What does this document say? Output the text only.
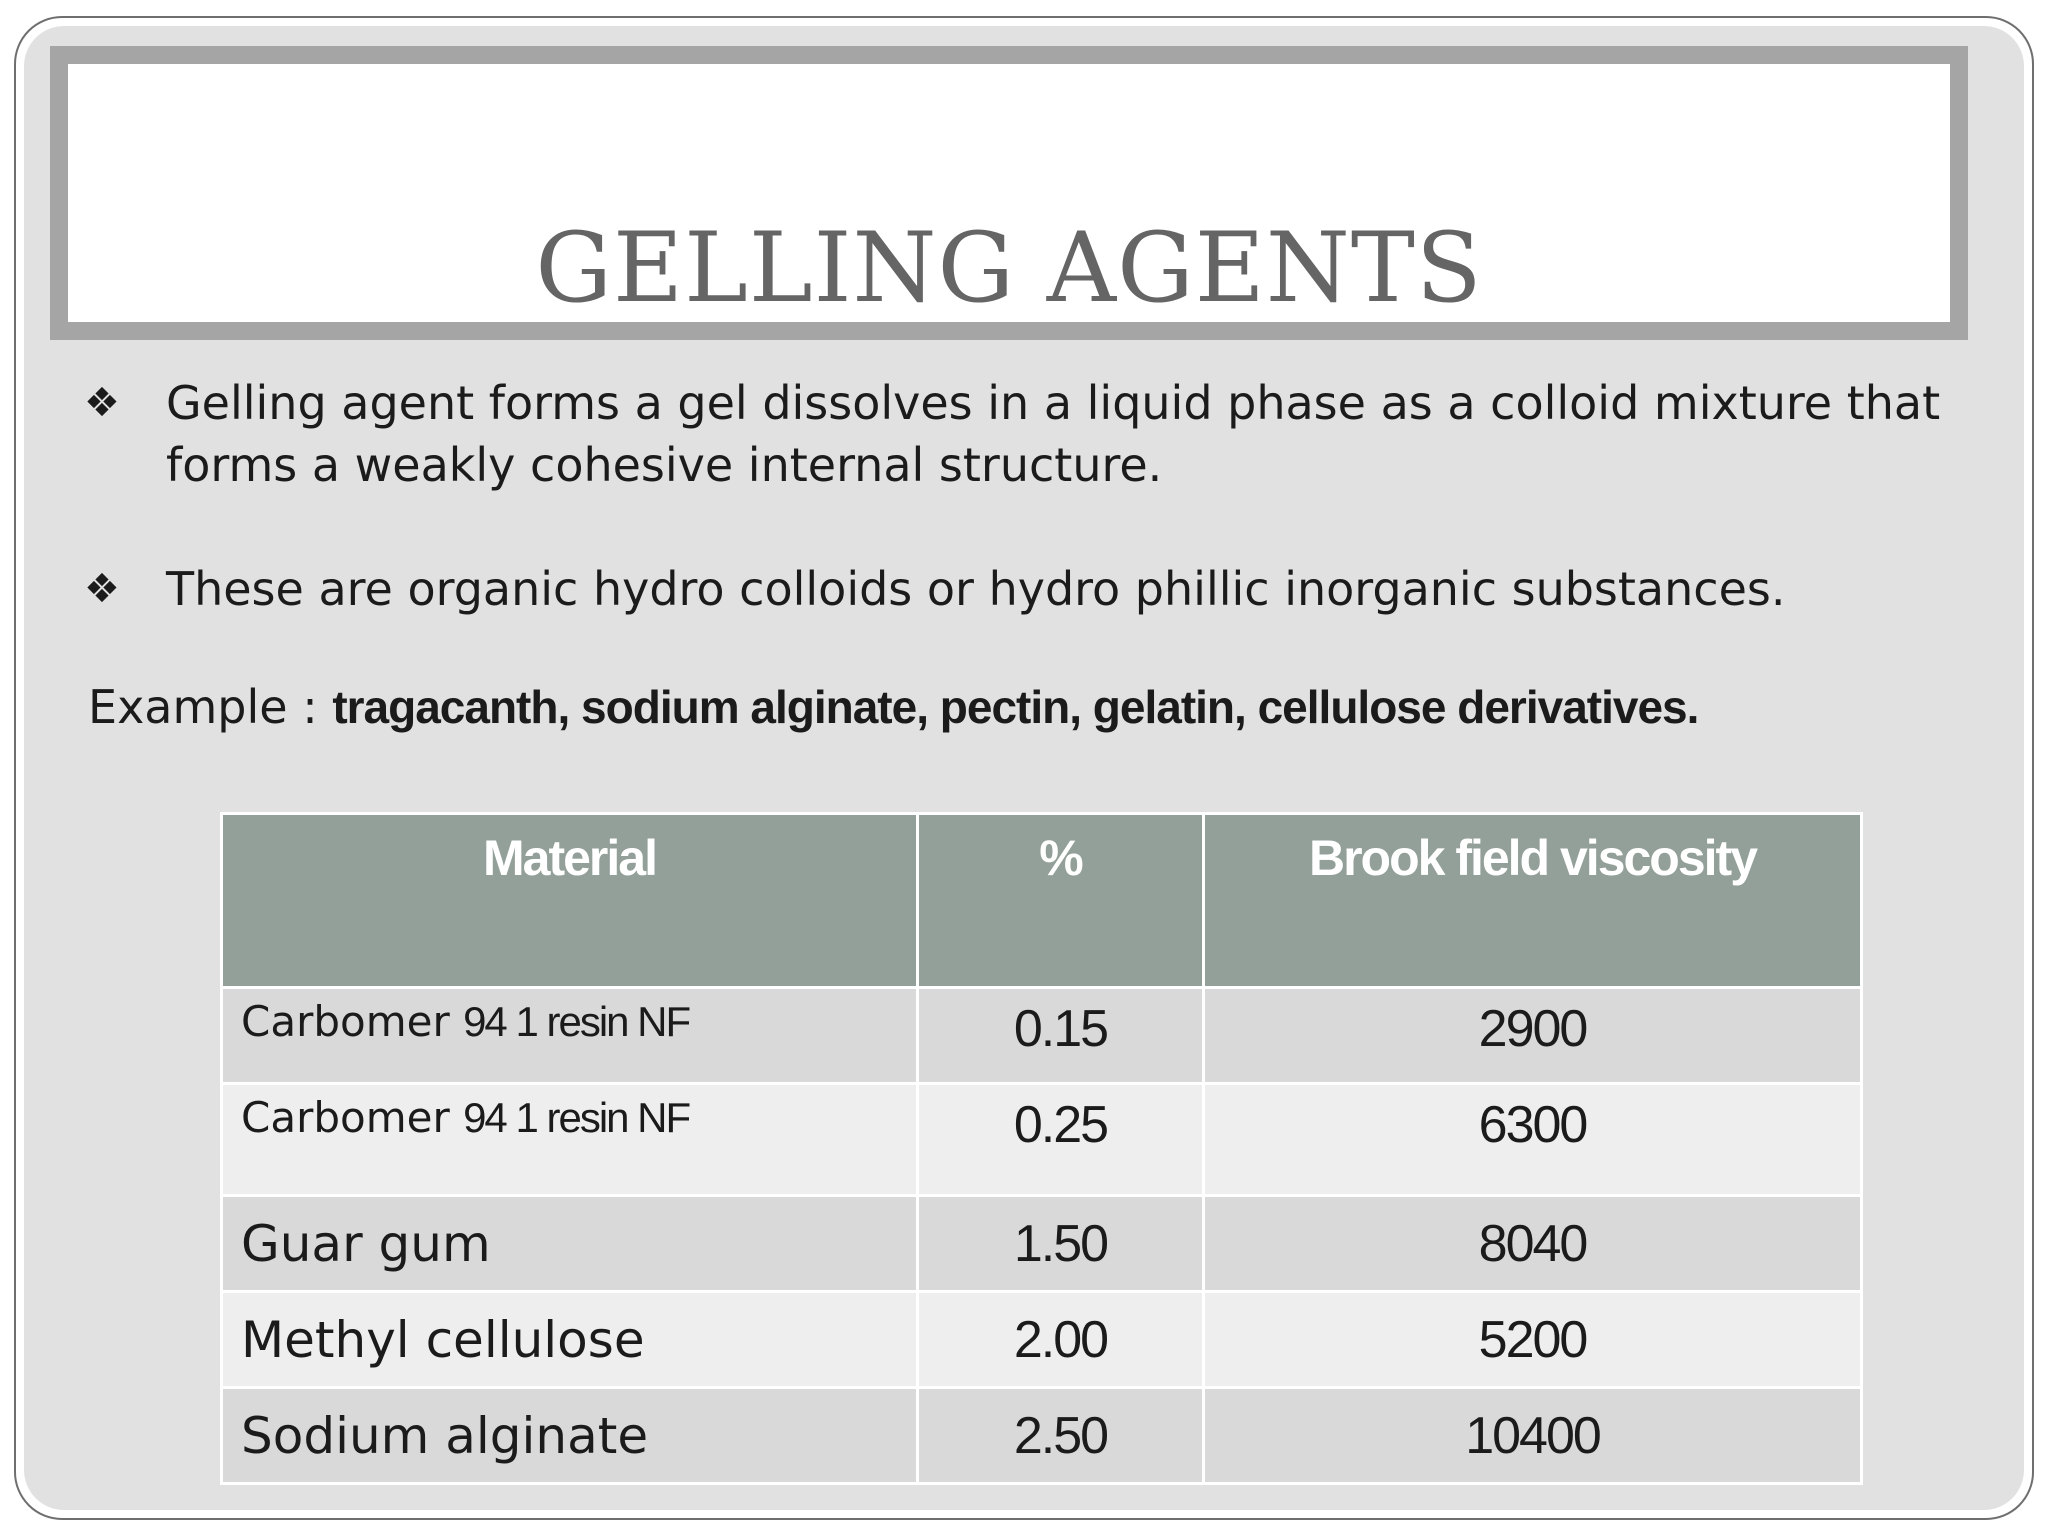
GELLING AGENTS
❖ Gelling agent forms a gel dissolves in a liquid phase as a colloid mixture that forms a weakly cohesive internal structure.
❖ These are organic hydro colloids or hydro phillic inorganic substances.
Example : tragacanth, sodium alginate, pectin, gelatin, cellulose derivatives.
Material	%	Brook field viscosity
Carbomer 94 1 resin NF	0.15	2900
Carbomer 94 1 resin NF	0.25	6300
Guar gum	1.50	8040
Methyl cellulose	2.00	5200
Sodium alginate	2.50	10400
